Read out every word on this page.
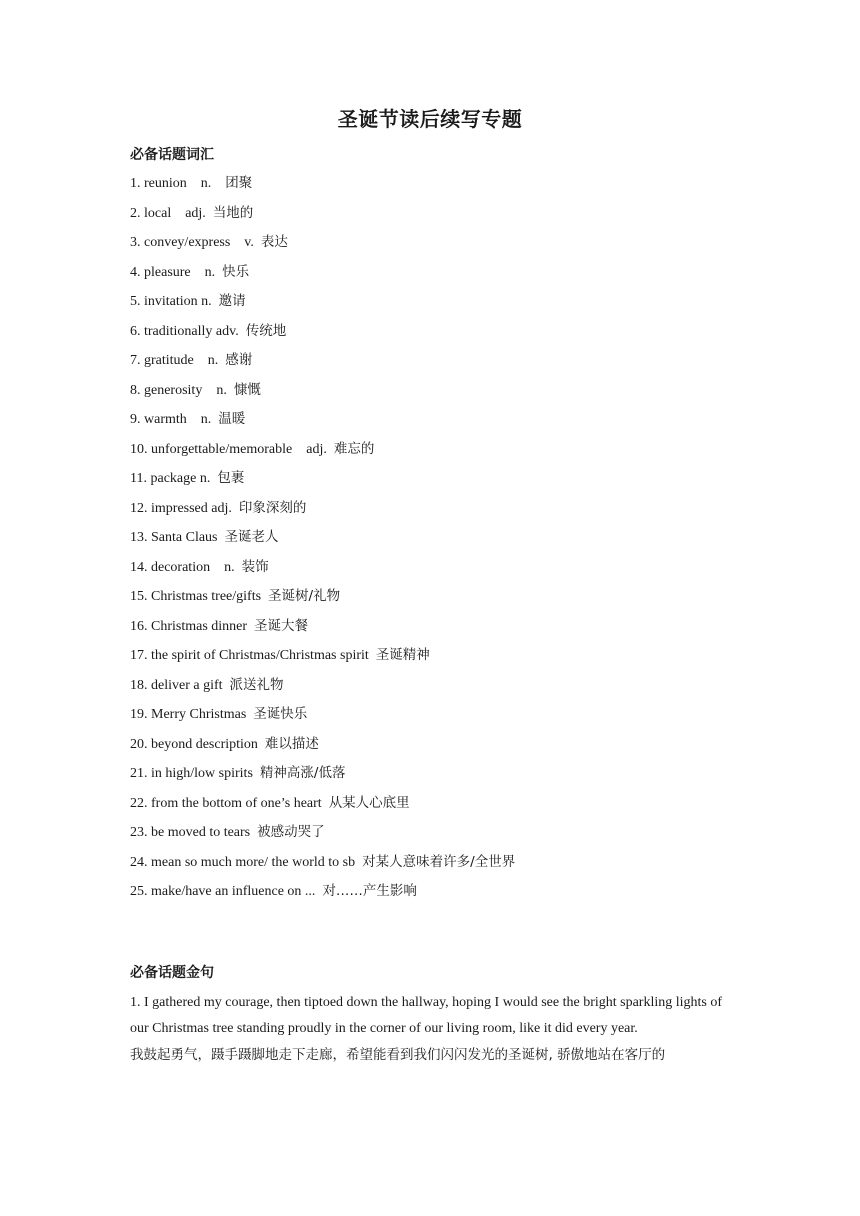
圣诞节读后续写专题
必备话题词汇
1. reunion    n.    团聚
2. local    adj.  当地的
3. convey/express    v.  表达
4. pleasure    n.  快乐
5. invitation n.  邀请
6. traditionally adv.  传统地
7. gratitude    n.  感谢
8. generosity    n.  慷慨
9. warmth    n.  温暖
10. unforgettable/memorable    adj.  难忘的
11. package n.  包裹
12. impressed adj.  印象深刻的
13. Santa Claus  圣诞老人
14. decoration    n.  装饰
15. Christmas tree/gifts  圣诞树/礼物
16. Christmas dinner  圣诞大餐
17. the spirit of Christmas/Christmas spirit  圣诞精神
18. deliver a gift  派送礼物
19. Merry Christmas  圣诞快乐
20. beyond description  难以描述
21. in high/low spirits  精神高涨/低落
22. from the bottom of one’s heart  从某人心底里
23. be moved to tears  被感动哭了
24. mean so much more/ the world to sb  对某人意味着许多/全世界
25. make/have an influence on ...  对……产生影响
必备话题金句

1. I gathered my courage, then tiptoed down the hallway, hoping I would see the bright sparkling lights of our Christmas tree standing proudly in the corner of our living room, like it did every year.

我鼓起勇气，蹑手蹑脚地走下走廊，希望能看到我们闪闪发光的圣诞树, 骄傲地站在客厅的
